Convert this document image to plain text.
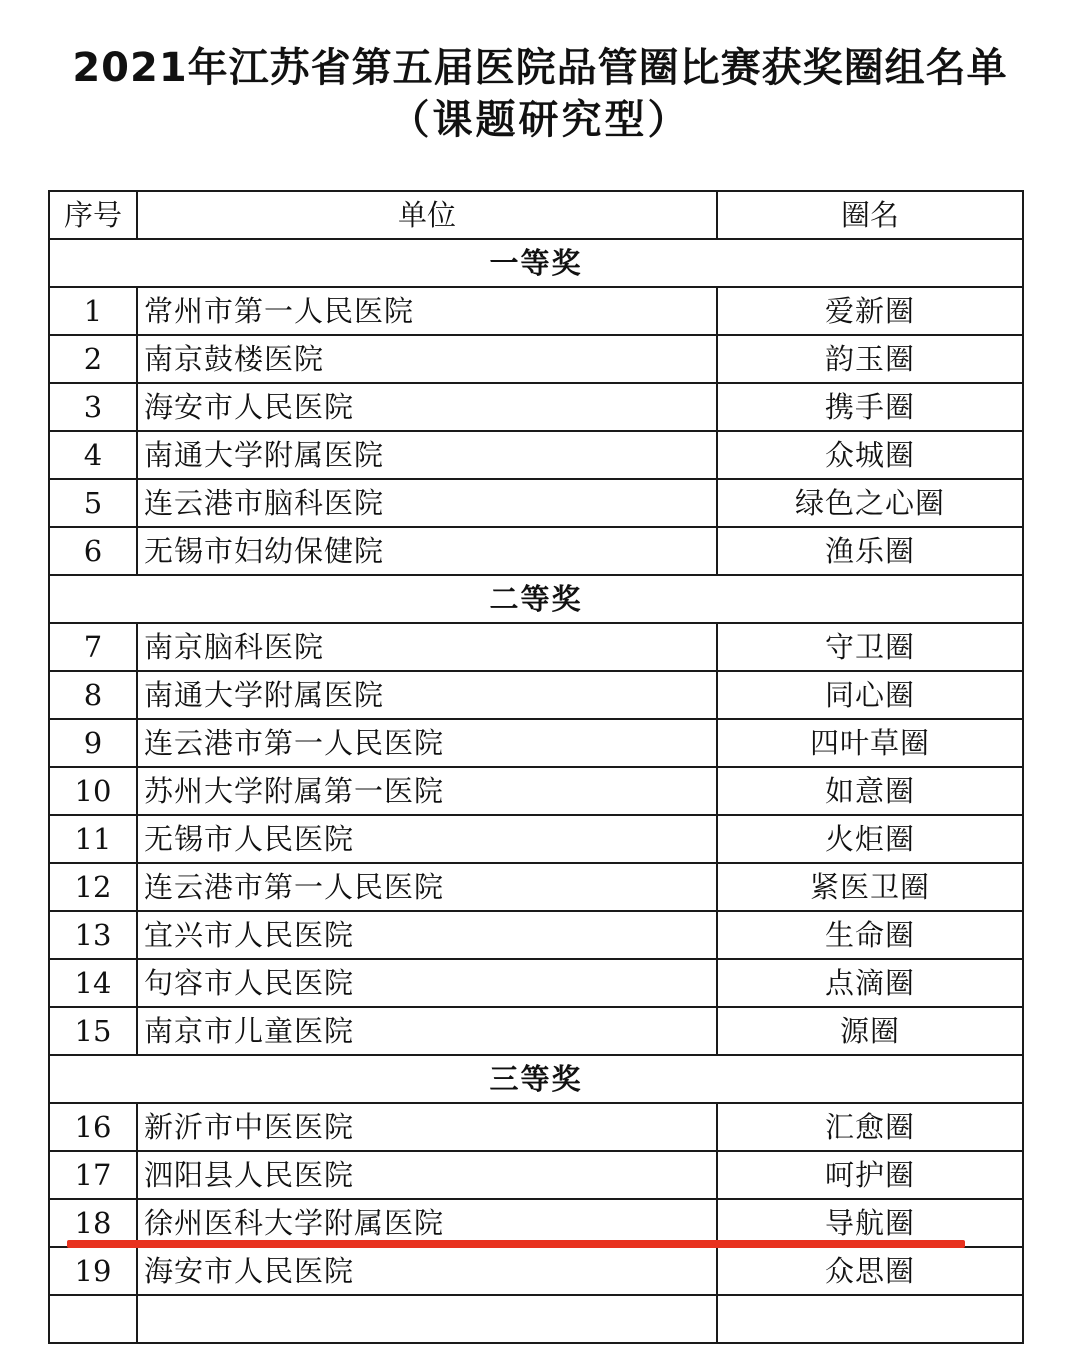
2021年江苏省第五届医院品管圈比赛获奖圈组名单
（课题研究型）
序号	单位	圈名
一等奖		
1	常州市第一人民医院	爱新圈
2	南京鼓楼医院	韵玉圈
3	海安市人民医院	携手圈
4	南通大学附属医院	众城圈
5	连云港市脑科医院	绿色之心圈
6	无锡市妇幼保健院	渔乐圈
二等奖		
7	南京脑科医院	守卫圈
8	南通大学附属医院	同心圈
9	连云港市第一人民医院	四叶草圈
10	苏州大学附属第一医院	如意圈
11	无锡市人民医院	火炬圈
12	连云港市第一人民医院	紧医卫圈
13	宜兴市人民医院	生命圈
14	句容市人民医院	点滴圈
15	南京市儿童医院	源圈
三等奖		
16	新沂市中医医院	汇愈圈
17	泗阳县人民医院	呵护圈
18	徐州医科大学附属医院	导航圈
19	海安市人民医院	众思圈
